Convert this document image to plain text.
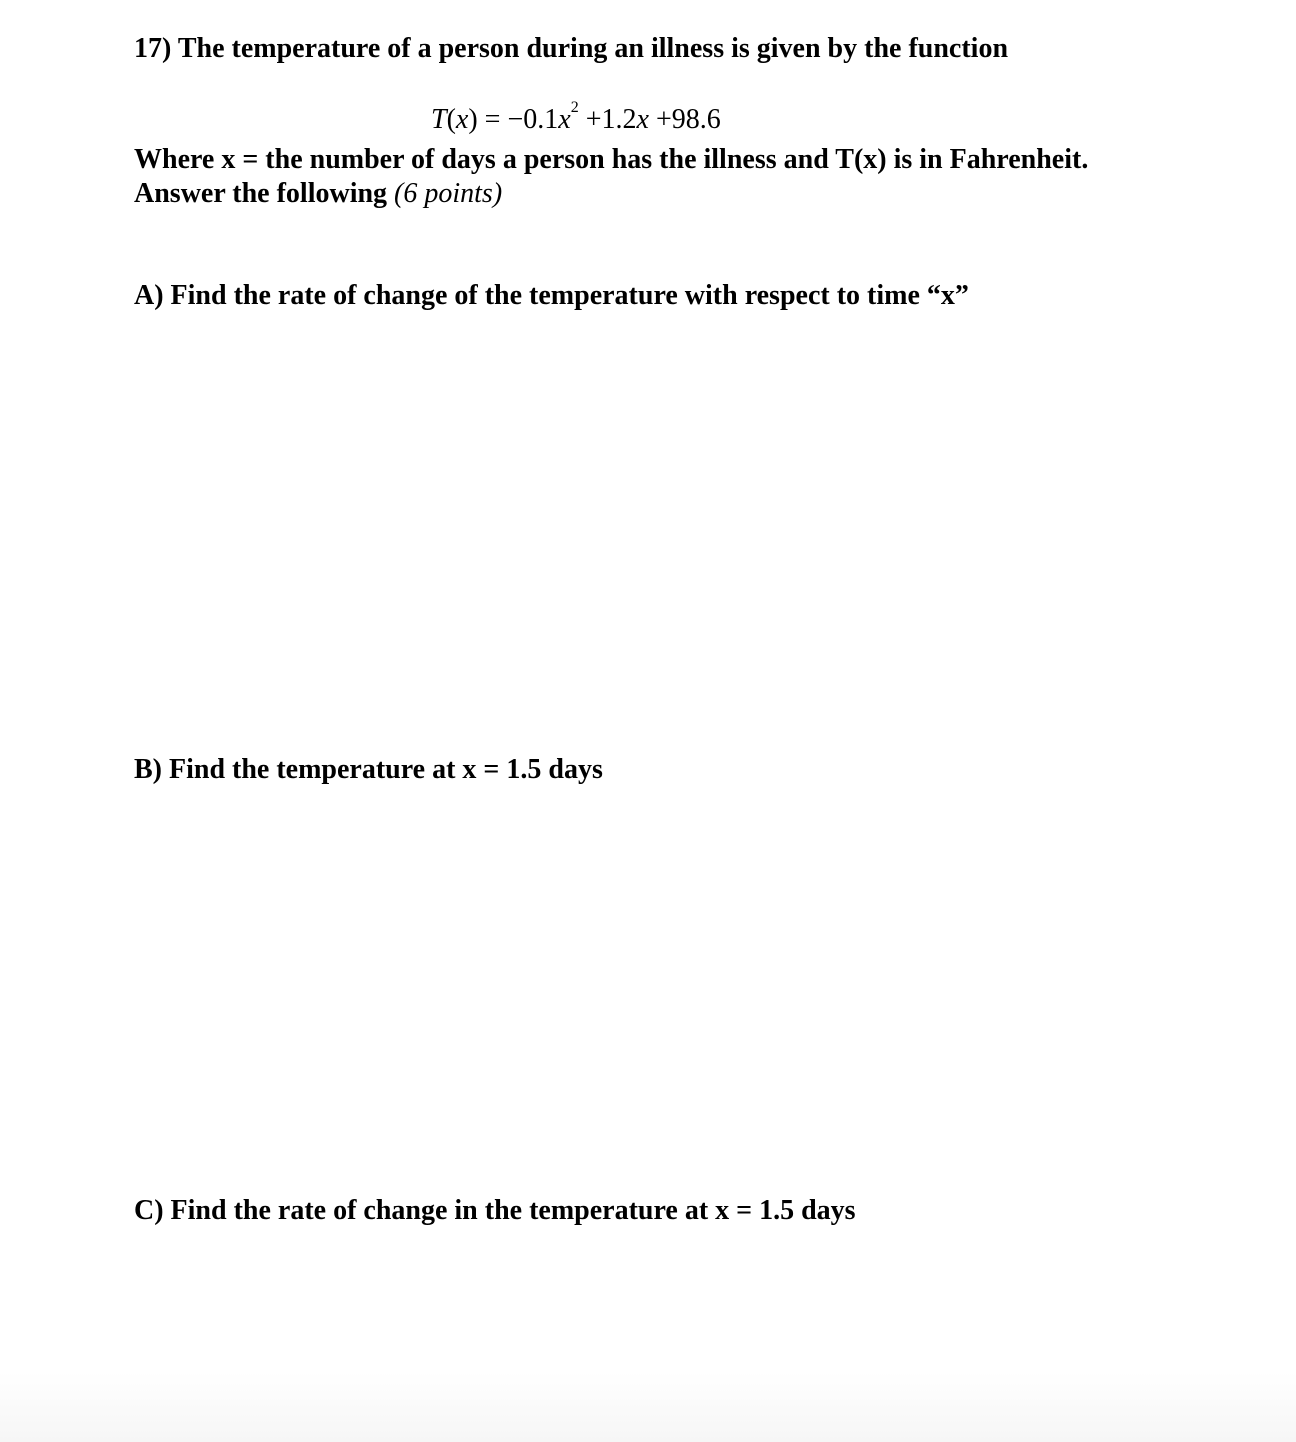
17) The temperature of a person during an illness is given by the function

$T(x) = -0.1x^2 +1.2x +98.6$

Where x = the number of days a person has the illness and T(x) is in Fahrenheit.

Answer the following (6 points)

A) Find the rate of change of the temperature with respect to time “x”

B) Find the temperature at x = 1.5 days

C) Find the rate of change in the temperature at x = 1.5 days
